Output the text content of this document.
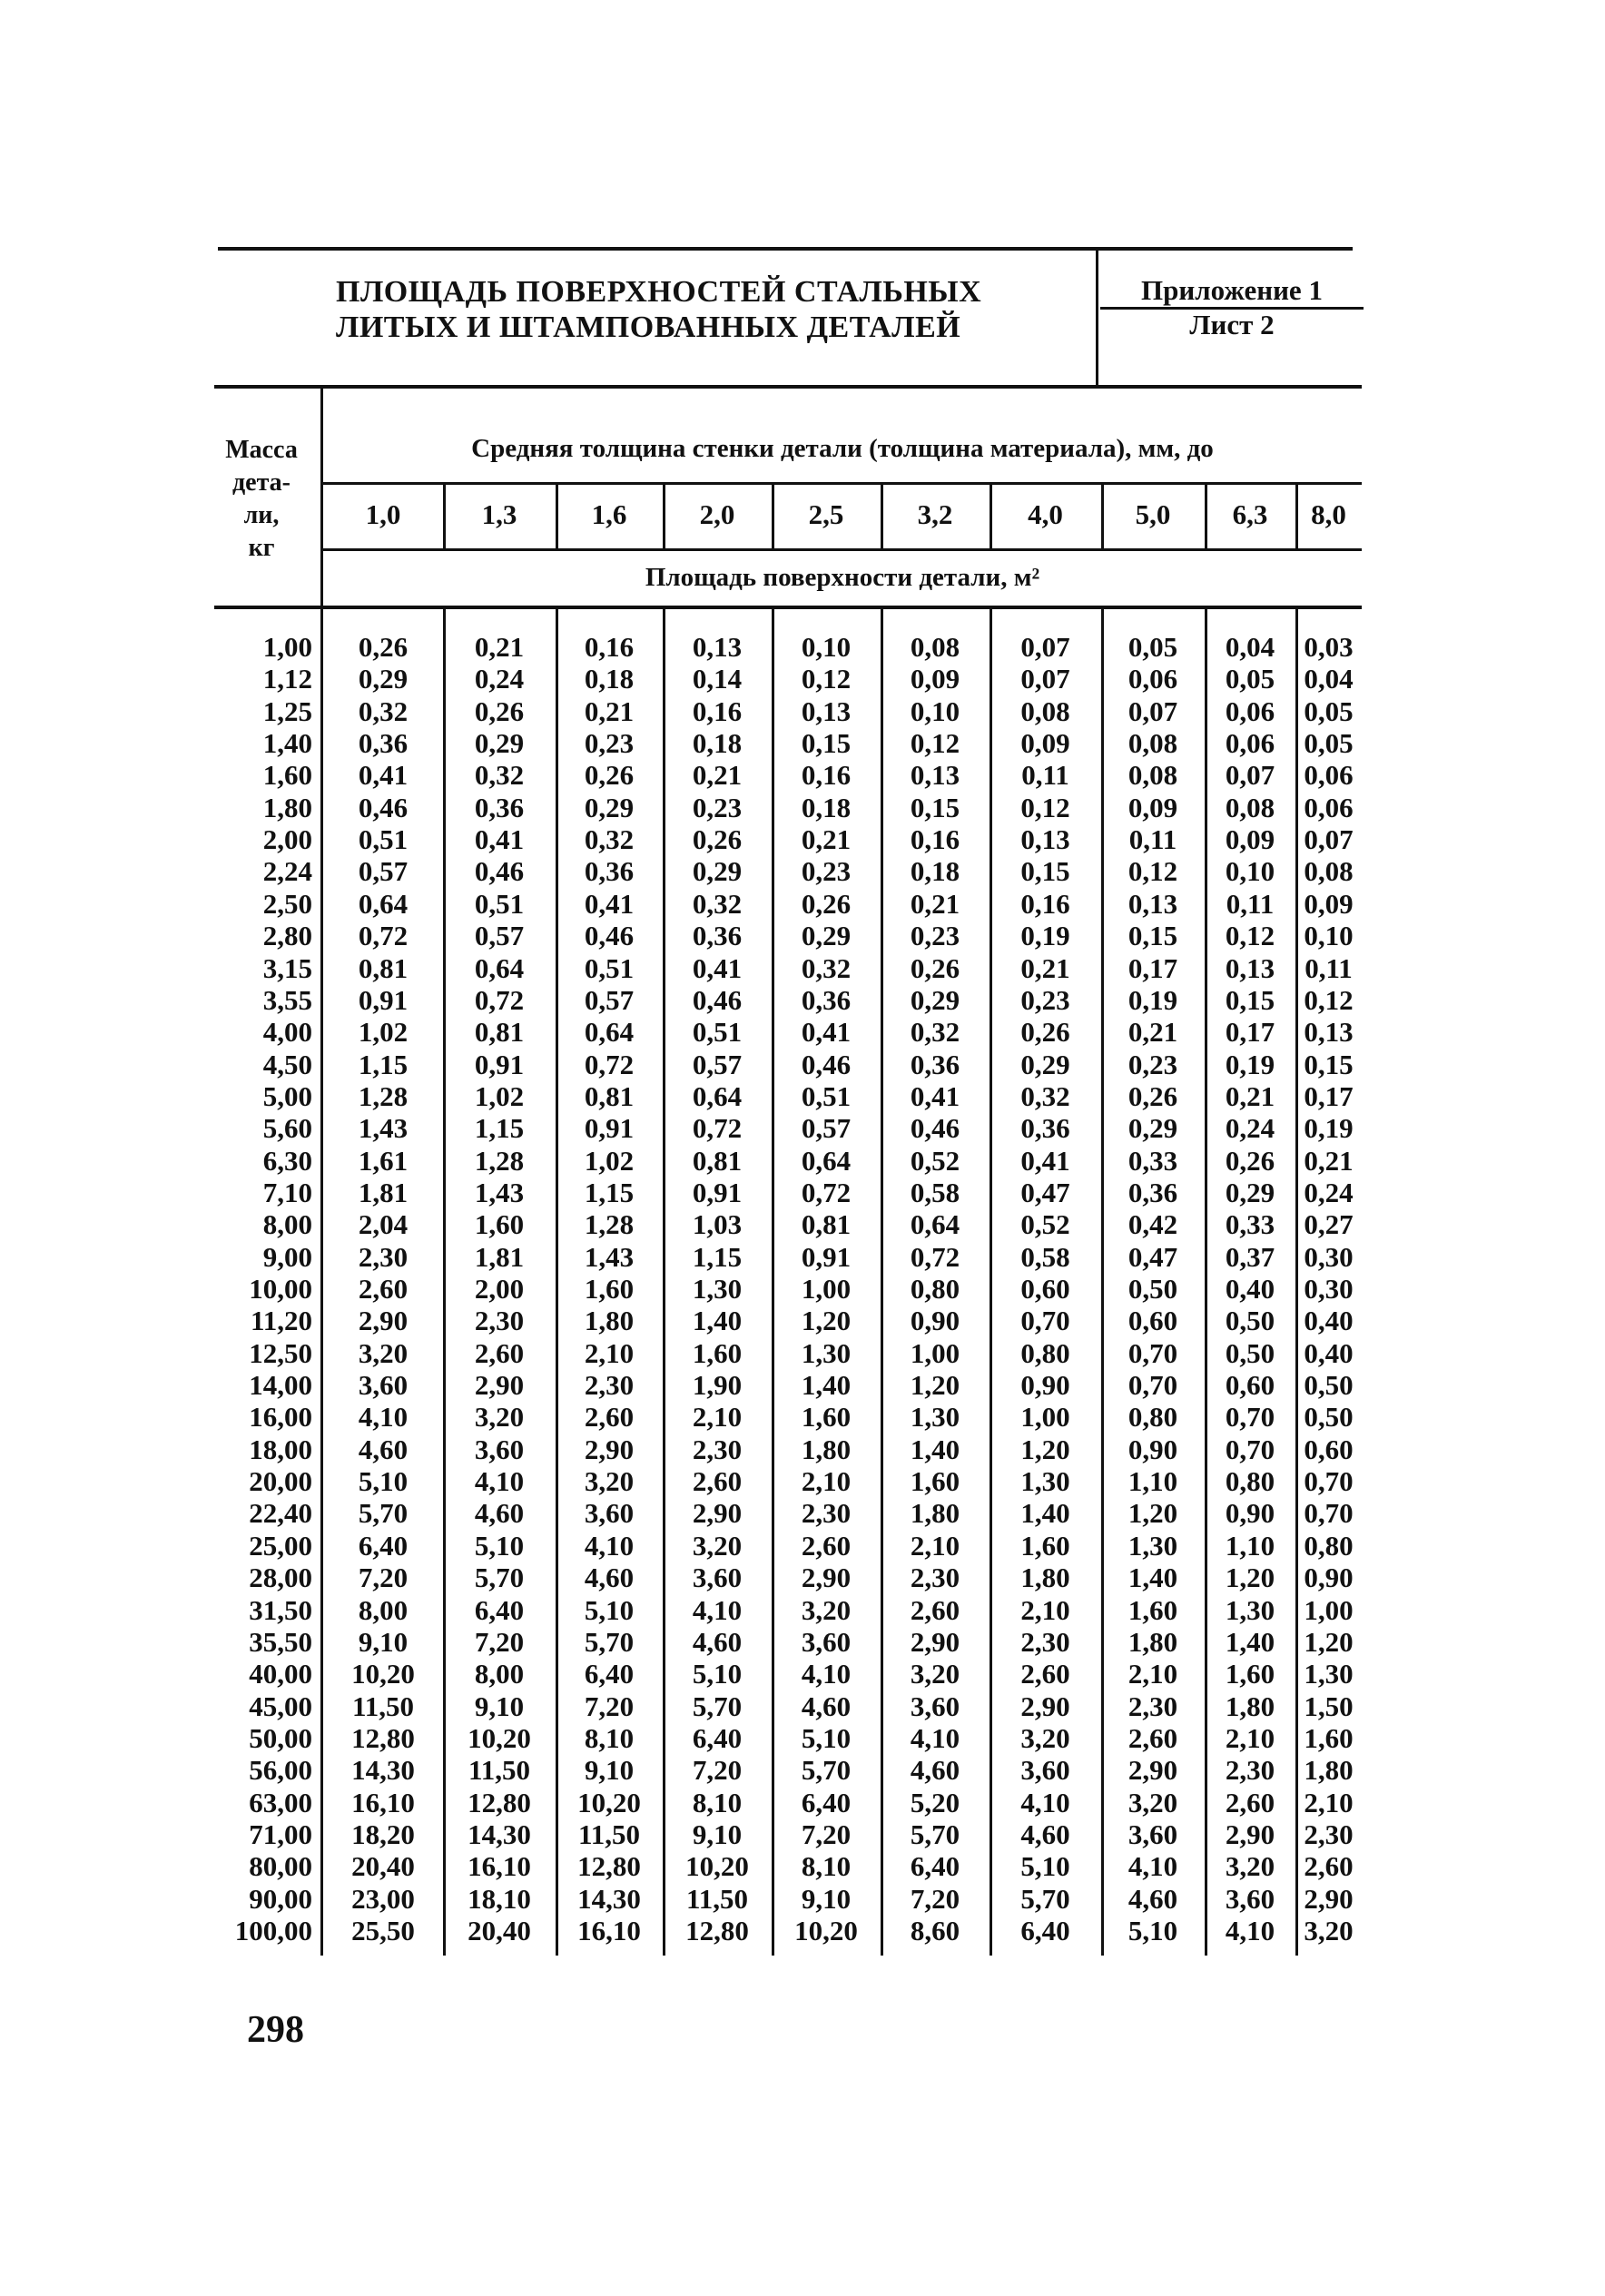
ПЛОЩАДЬ ПОВЕРХНОСТЕЙ СТАЛЬНЫХ
ЛИТЫХ И ШТАМПОВАННЫХ ДЕТАЛЕЙ
Приложение 1
Лист 2
Масса
дета-
ли,
кг
Средняя толщина стенки детали (толщина материала), мм, до
1,0	1,3	1,6	2,0	2,5	3,2	4,0	5,0	6,3	8,0
Площадь поверхности детали, м²
1,00	0,26	0,21	0,16	0,13	0,10	0,08	0,07	0,05	0,04	0,03
1,12	0,29	0,24	0,18	0,14	0,12	0,09	0,07	0,06	0,05	0,04
1,25	0,32	0,26	0,21	0,16	0,13	0,10	0,08	0,07	0,06	0,05
1,40	0,36	0,29	0,23	0,18	0,15	0,12	0,09	0,08	0,06	0,05
1,60	0,41	0,32	0,26	0,21	0,16	0,13	0,11	0,08	0,07	0,06
1,80	0,46	0,36	0,29	0,23	0,18	0,15	0,12	0,09	0,08	0,06
2,00	0,51	0,41	0,32	0,26	0,21	0,16	0,13	0,11	0,09	0,07
2,24	0,57	0,46	0,36	0,29	0,23	0,18	0,15	0,12	0,10	0,08
2,50	0,64	0,51	0,41	0,32	0,26	0,21	0,16	0,13	0,11	0,09
2,80	0,72	0,57	0,46	0,36	0,29	0,23	0,19	0,15	0,12	0,10
3,15	0,81	0,64	0,51	0,41	0,32	0,26	0,21	0,17	0,13	0,11
3,55	0,91	0,72	0,57	0,46	0,36	0,29	0,23	0,19	0,15	0,12
4,00	1,02	0,81	0,64	0,51	0,41	0,32	0,26	0,21	0,17	0,13
4,50	1,15	0,91	0,72	0,57	0,46	0,36	0,29	0,23	0,19	0,15
5,00	1,28	1,02	0,81	0,64	0,51	0,41	0,32	0,26	0,21	0,17
5,60	1,43	1,15	0,91	0,72	0,57	0,46	0,36	0,29	0,24	0,19
6,30	1,61	1,28	1,02	0,81	0,64	0,52	0,41	0,33	0,26	0,21
7,10	1,81	1,43	1,15	0,91	0,72	0,58	0,47	0,36	0,29	0,24
8,00	2,04	1,60	1,28	1,03	0,81	0,64	0,52	0,42	0,33	0,27
9,00	2,30	1,81	1,43	1,15	0,91	0,72	0,58	0,47	0,37	0,30
10,00	2,60	2,00	1,60	1,30	1,00	0,80	0,60	0,50	0,40	0,30
11,20	2,90	2,30	1,80	1,40	1,20	0,90	0,70	0,60	0,50	0,40
12,50	3,20	2,60	2,10	1,60	1,30	1,00	0,80	0,70	0,50	0,40
14,00	3,60	2,90	2,30	1,90	1,40	1,20	0,90	0,70	0,60	0,50
16,00	4,10	3,20	2,60	2,10	1,60	1,30	1,00	0,80	0,70	0,50
18,00	4,60	3,60	2,90	2,30	1,80	1,40	1,20	0,90	0,70	0,60
20,00	5,10	4,10	3,20	2,60	2,10	1,60	1,30	1,10	0,80	0,70
22,40	5,70	4,60	3,60	2,90	2,30	1,80	1,40	1,20	0,90	0,70
25,00	6,40	5,10	4,10	3,20	2,60	2,10	1,60	1,30	1,10	0,80
28,00	7,20	5,70	4,60	3,60	2,90	2,30	1,80	1,40	1,20	0,90
31,50	8,00	6,40	5,10	4,10	3,20	2,60	2,10	1,60	1,30	1,00
35,50	9,10	7,20	5,70	4,60	3,60	2,90	2,30	1,80	1,40	1,20
40,00	10,20	8,00	6,40	5,10	4,10	3,20	2,60	2,10	1,60	1,30
45,00	11,50	9,10	7,20	5,70	4,60	3,60	2,90	2,30	1,80	1,50
50,00	12,80	10,20	8,10	6,40	5,10	4,10	3,20	2,60	2,10	1,60
56,00	14,30	11,50	9,10	7,20	5,70	4,60	3,60	2,90	2,30	1,80
63,00	16,10	12,80	10,20	8,10	6,40	5,20	4,10	3,20	2,60	2,10
71,00	18,20	14,30	11,50	9,10	7,20	5,70	4,60	3,60	2,90	2,30
80,00	20,40	16,10	12,80	10,20	8,10	6,40	5,10	4,10	3,20	2,60
90,00	23,00	18,10	14,30	11,50	9,10	7,20	5,70	4,60	3,60	2,90
100,00	25,50	20,40	16,10	12,80	10,20	8,60	6,40	5,10	4,10	3,20
298
